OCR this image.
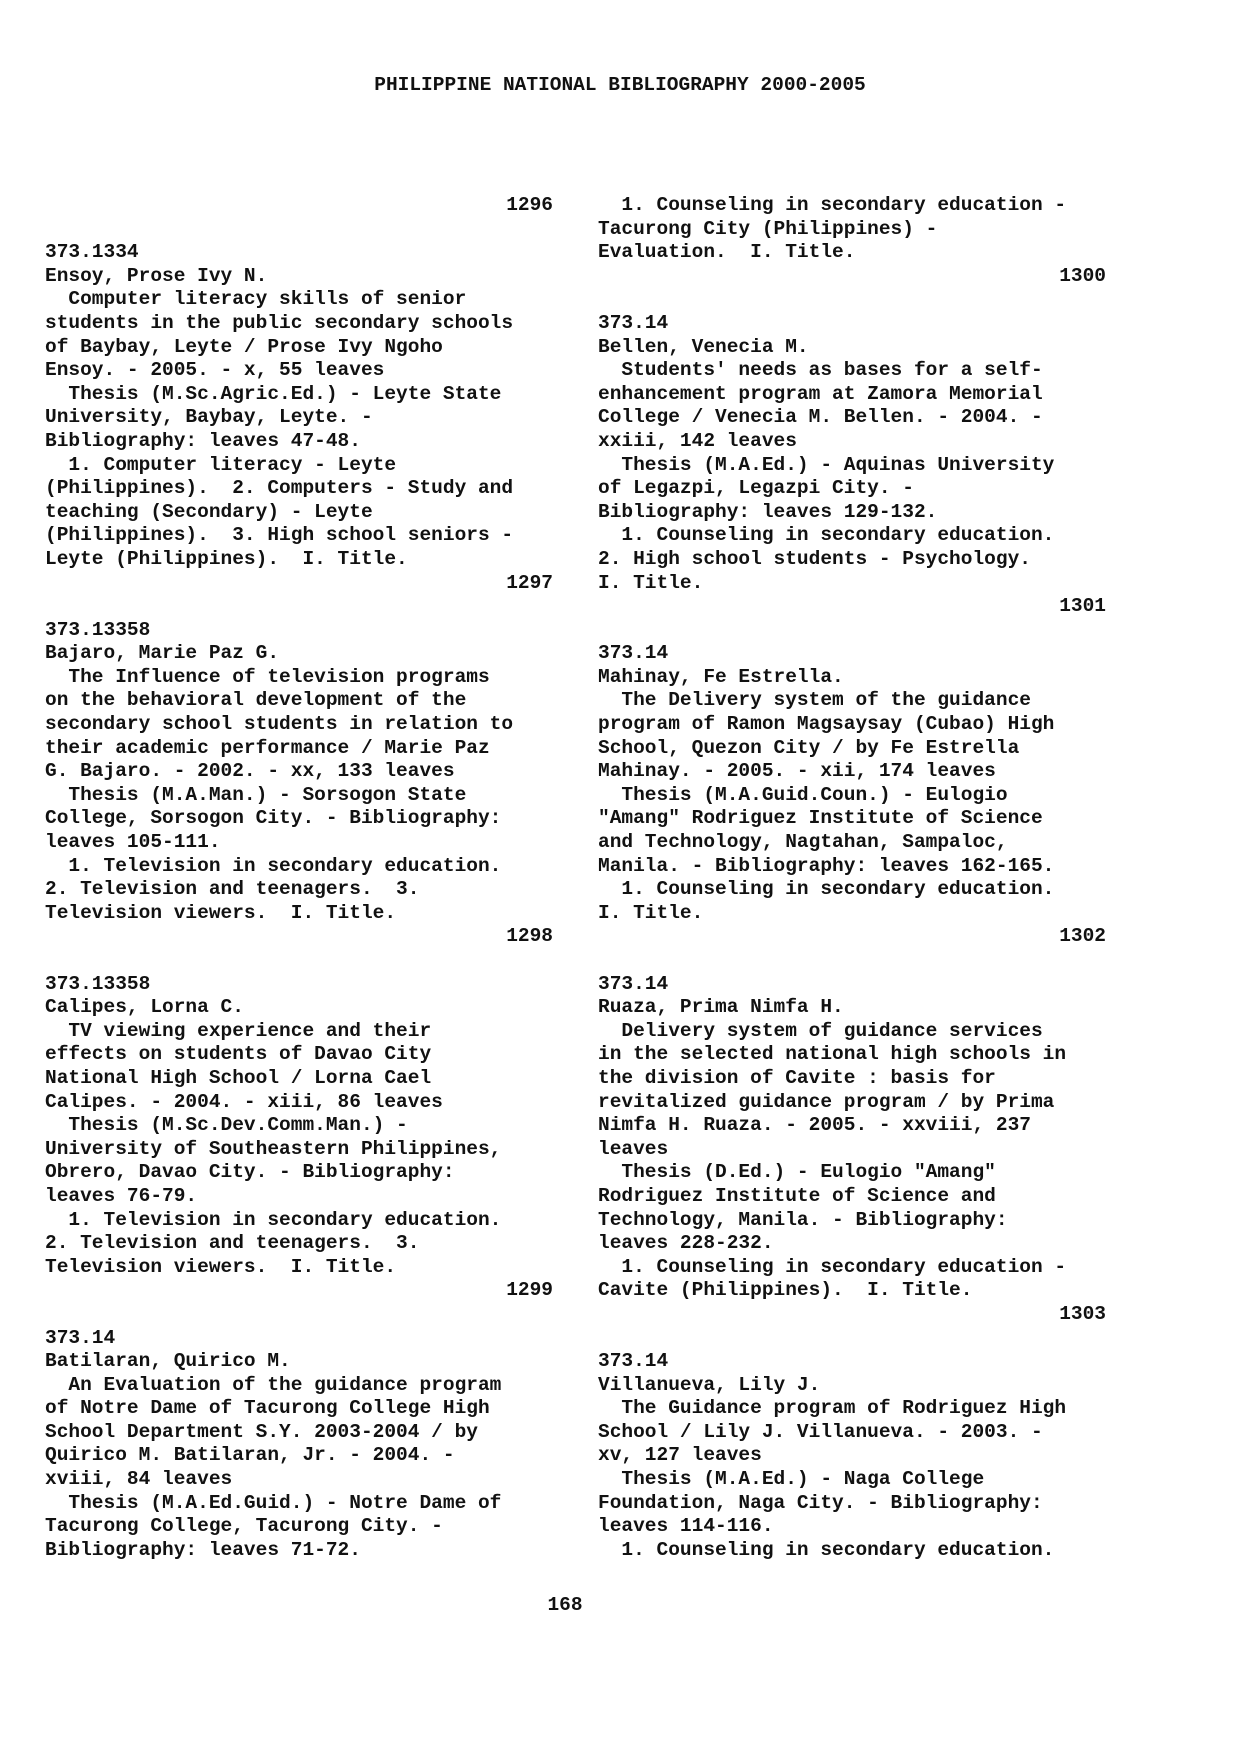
PHILIPPINE NATIONAL BIBLIOGRAPHY 2000-2005
1296
373.1334
Ensoy, Prose Ivy N.
Computer literacy skills of senior
students in the public secondary schools
of Baybay, Leyte / Prose Ivy Ngoho
Ensoy. - 2005. - x, 55 leaves
Thesis (M.Sc.Agric.Ed.) - Leyte State
University, Baybay, Leyte. -
Bibliography: leaves 47-48.
1. Computer literacy - Leyte
(Philippines).  2. Computers - Study and
teaching (Secondary) - Leyte
(Philippines).  3. High school seniors -
Leyte (Philippines).  I. Title.
1297
373.13358
Bajaro, Marie Paz G.
The Influence of television programs
on the behavioral development of the
secondary school students in relation to
their academic performance / Marie Paz
G. Bajaro. - 2002. - xx, 133 leaves
Thesis (M.A.Man.) - Sorsogon State
College, Sorsogon City. - Bibliography:
leaves 105-111.
1. Television in secondary education.
2. Television and teenagers.  3.
Television viewers.  I. Title.
1298
373.13358
Calipes, Lorna C.
TV viewing experience and their
effects on students of Davao City
National High School / Lorna Cael
Calipes. - 2004. - xiii, 86 leaves
Thesis (M.Sc.Dev.Comm.Man.) -
University of Southeastern Philippines,
Obrero, Davao City. - Bibliography:
leaves 76-79.
1. Television in secondary education.
2. Television and teenagers.  3.
Television viewers.  I. Title.
1299
373.14
Batilaran, Quirico M.
An Evaluation of the guidance program
of Notre Dame of Tacurong College High
School Department S.Y. 2003-2004 / by
Quirico M. Batilaran, Jr. - 2004. -
xviii, 84 leaves
Thesis (M.A.Ed.Guid.) - Notre Dame of
Tacurong College, Tacurong City. -
Bibliography: leaves 71-72.
1. Counseling in secondary education -
Tacurong City (Philippines) -
Evaluation.  I. Title.
1300
373.14
Bellen, Venecia M.
Students' needs as bases for a self-
enhancement program at Zamora Memorial
College / Venecia M. Bellen. - 2004. -
xxiii, 142 leaves
Thesis (M.A.Ed.) - Aquinas University
of Legazpi, Legazpi City. -
Bibliography: leaves 129-132.
1. Counseling in secondary education.
2. High school students - Psychology.
I. Title.
1301
373.14
Mahinay, Fe Estrella.
The Delivery system of the guidance
program of Ramon Magsaysay (Cubao) High
School, Quezon City / by Fe Estrella
Mahinay. - 2005. - xii, 174 leaves
Thesis (M.A.Guid.Coun.) - Eulogio
"Amang" Rodriguez Institute of Science
and Technology, Nagtahan, Sampaloc,
Manila. - Bibliography: leaves 162-165.
1. Counseling in secondary education.
I. Title.
1302
373.14
Ruaza, Prima Nimfa H.
Delivery system of guidance services
in the selected national high schools in
the division of Cavite : basis for
revitalized guidance program / by Prima
Nimfa H. Ruaza. - 2005. - xxviii, 237
leaves
Thesis (D.Ed.) - Eulogio "Amang"
Rodriguez Institute of Science and
Technology, Manila. - Bibliography:
leaves 228-232.
1. Counseling in secondary education -
Cavite (Philippines).  I. Title.
1303
373.14
Villanueva, Lily J.
The Guidance program of Rodriguez High
School / Lily J. Villanueva. - 2003. -
xv, 127 leaves
Thesis (M.A.Ed.) - Naga College
Foundation, Naga City. - Bibliography:
leaves 114-116.
1. Counseling in secondary education.
168
